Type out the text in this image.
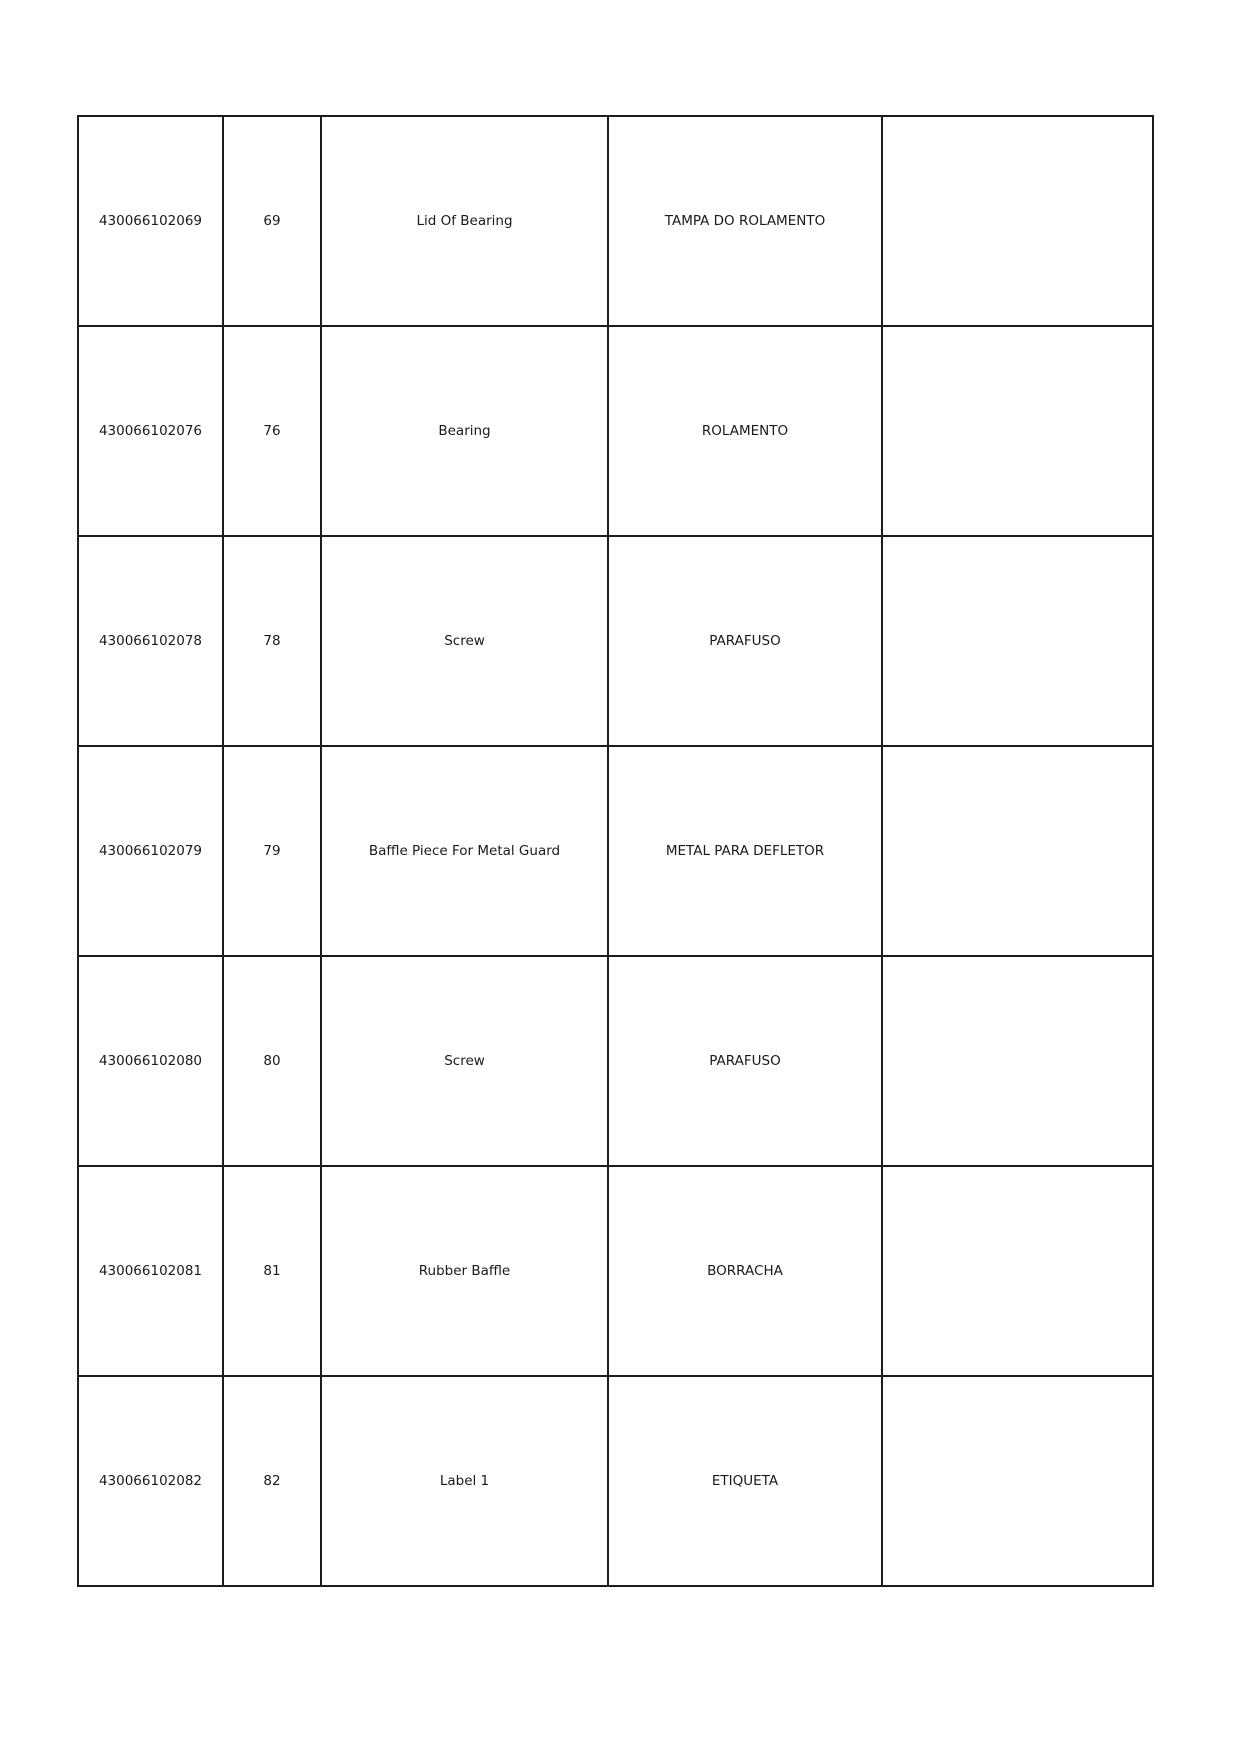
430066102069	69	Lid Of Bearing	TAMPA DO ROLAMENTO	
430066102076	76	Bearing	ROLAMENTO	
430066102078	78	Screw	PARAFUSO	
430066102079	79	Baffle Piece For Metal Guard	METAL PARA DEFLETOR	
430066102080	80	Screw	PARAFUSO	
430066102081	81	Rubber Baffle	BORRACHA	
430066102082	82	Label 1	ETIQUETA	
